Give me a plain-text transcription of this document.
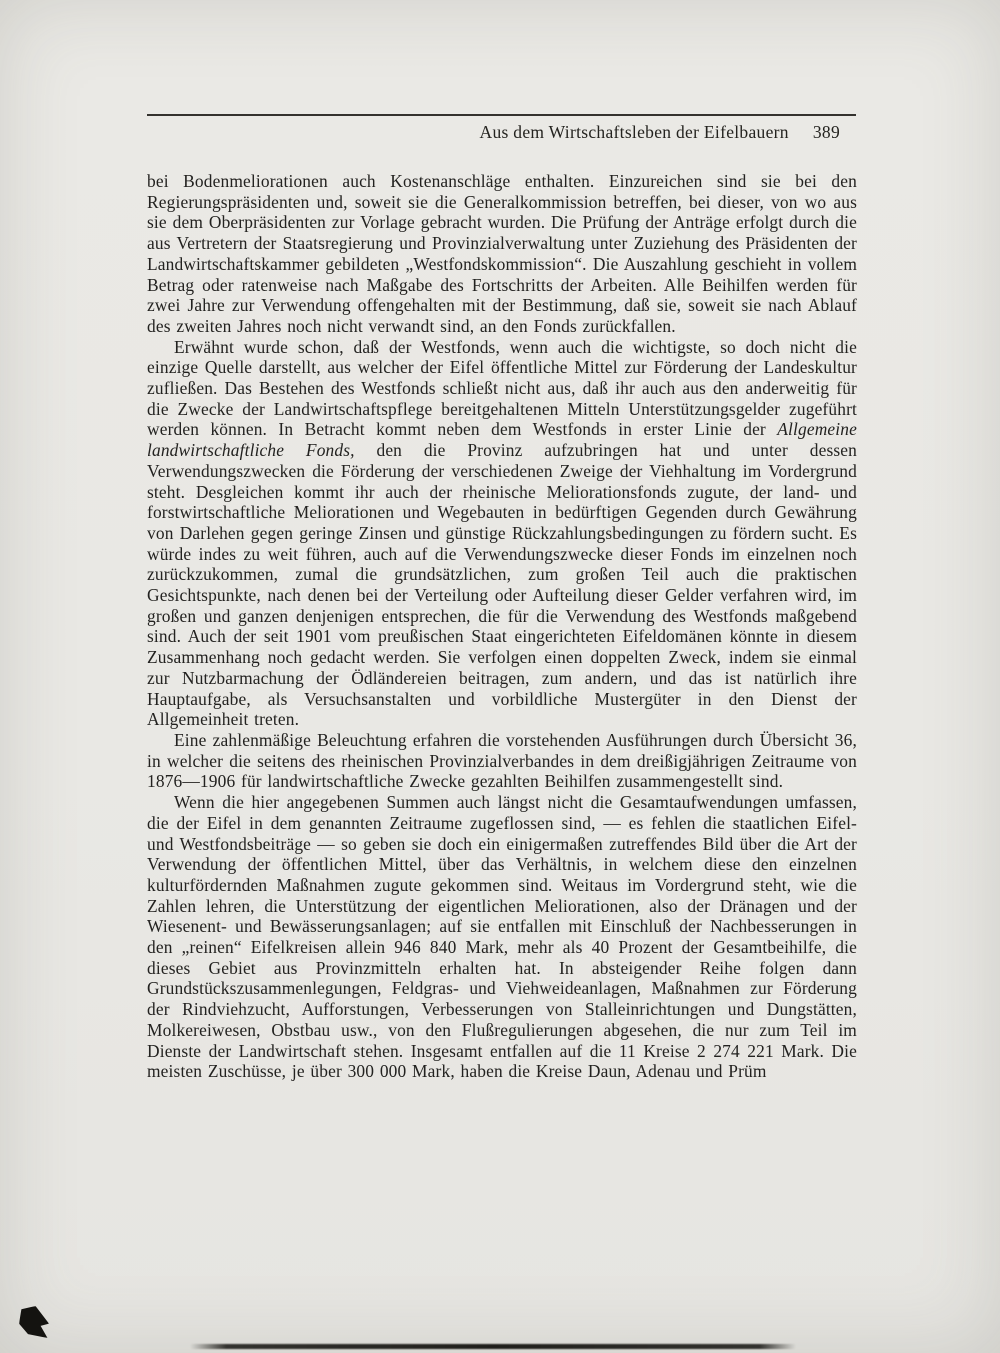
Aus dem Wirtschaftsleben der Eifelbauern 389

bei Bodenmeliorationen auch Kostenanschläge enthalten. Einzureichen sind sie bei den Regierungspräsidenten und, soweit sie die Generalkommission betreffen, bei dieser, von wo aus sie dem Oberpräsidenten zur Vorlage gebracht wurden. Die Prüfung der Anträge erfolgt durch die aus Vertretern der Staatsregierung und Provinzialverwaltung unter Zuziehung des Präsidenten der Landwirtschaftskammer gebildeten „Westfondskommission“. Die Auszahlung geschieht in vollem Betrag oder ratenweise nach Maßgabe des Fortschritts der Arbeiten. Alle Beihilfen werden für zwei Jahre zur Verwendung offengehalten mit der Bestimmung, daß sie, soweit sie nach Ablauf des zweiten Jahres noch nicht verwandt sind, an den Fonds zurückfallen.

Erwähnt wurde schon, daß der Westfonds, wenn auch die wichtigste, so doch nicht die einzige Quelle darstellt, aus welcher der Eifel öffentliche Mittel zur Förderung der Landeskultur zufließen. Das Bestehen des Westfonds schließt nicht aus, daß ihr auch aus den anderweitig für die Zwecke der Landwirtschaftspflege bereitgehaltenen Mitteln Unterstützungsgelder zugeführt werden können. In Betracht kommt neben dem Westfonds in erster Linie der Allgemeine landwirtschaftliche Fonds, den die Provinz aufzubringen hat und unter dessen Verwendungszwecken die Förderung der verschiedenen Zweige der Viehhaltung im Vordergrund steht. Desgleichen kommt ihr auch der rheinische Meliorationsfonds zugute, der land- und forstwirtschaftliche Meliorationen und Wegebauten in bedürftigen Gegenden durch Gewährung von Darlehen gegen geringe Zinsen und günstige Rückzahlungsbedingungen zu fördern sucht. Es würde indes zu weit führen, auch auf die Verwendungszwecke dieser Fonds im einzelnen noch zurückzukommen, zumal die grundsätzlichen, zum großen Teil auch die praktischen Gesichtspunkte, nach denen bei der Verteilung oder Aufteilung dieser Gelder verfahren wird, im großen und ganzen denjenigen entsprechen, die für die Verwendung des Westfonds maßgebend sind. Auch der seit 1901 vom preußischen Staat eingerichteten Eifeldomänen könnte in diesem Zusammenhang noch gedacht werden. Sie verfolgen einen doppelten Zweck, indem sie einmal zur Nutzbarmachung der Ödländereien beitragen, zum andern, und das ist natürlich ihre Hauptaufgabe, als Versuchsanstalten und vorbildliche Mustergüter in den Dienst der Allgemeinheit treten.

Eine zahlenmäßige Beleuchtung erfahren die vorstehenden Ausführungen durch Übersicht 36, in welcher die seitens des rheinischen Provinzialverbandes in dem dreißigjährigen Zeitraume von 1876—1906 für landwirtschaftliche Zwecke gezahlten Beihilfen zusammengestellt sind.

Wenn die hier angegebenen Summen auch längst nicht die Gesamtaufwendungen umfassen, die der Eifel in dem genannten Zeitraume zugeflossen sind, — es fehlen die staatlichen Eifel- und Westfondsbeiträge — so geben sie doch ein einigermaßen zutreffendes Bild über die Art der Verwendung der öffentlichen Mittel, über das Verhältnis, in welchem diese den einzelnen kulturfördernden Maßnahmen zugute gekommen sind. Weitaus im Vordergrund steht, wie die Zahlen lehren, die Unterstützung der eigentlichen Meliorationen, also der Dränagen und der Wiesenent- und Bewässerungsanlagen; auf sie entfallen mit Einschluß der Nachbesserungen in den „reinen“ Eifelkreisen allein 946 840 Mark, mehr als 40 Prozent der Gesamtbeihilfe, die dieses Gebiet aus Provinzmitteln erhalten hat. In absteigender Reihe folgen dann Grundstückszusammenlegungen, Feldgras- und Viehweideanlagen, Maßnahmen zur Förderung der Rindviehzucht, Aufforstungen, Verbesserungen von Stalleinrichtungen und Dungstätten, Molkereiwesen, Obstbau usw., von den Flußregulierungen abgesehen, die nur zum Teil im Dienste der Landwirtschaft stehen. Insgesamt entfallen auf die 11 Kreise 2 274 221 Mark. Die meisten Zuschüsse, je über 300 000 Mark, haben die Kreise Daun, Adenau und Prüm
